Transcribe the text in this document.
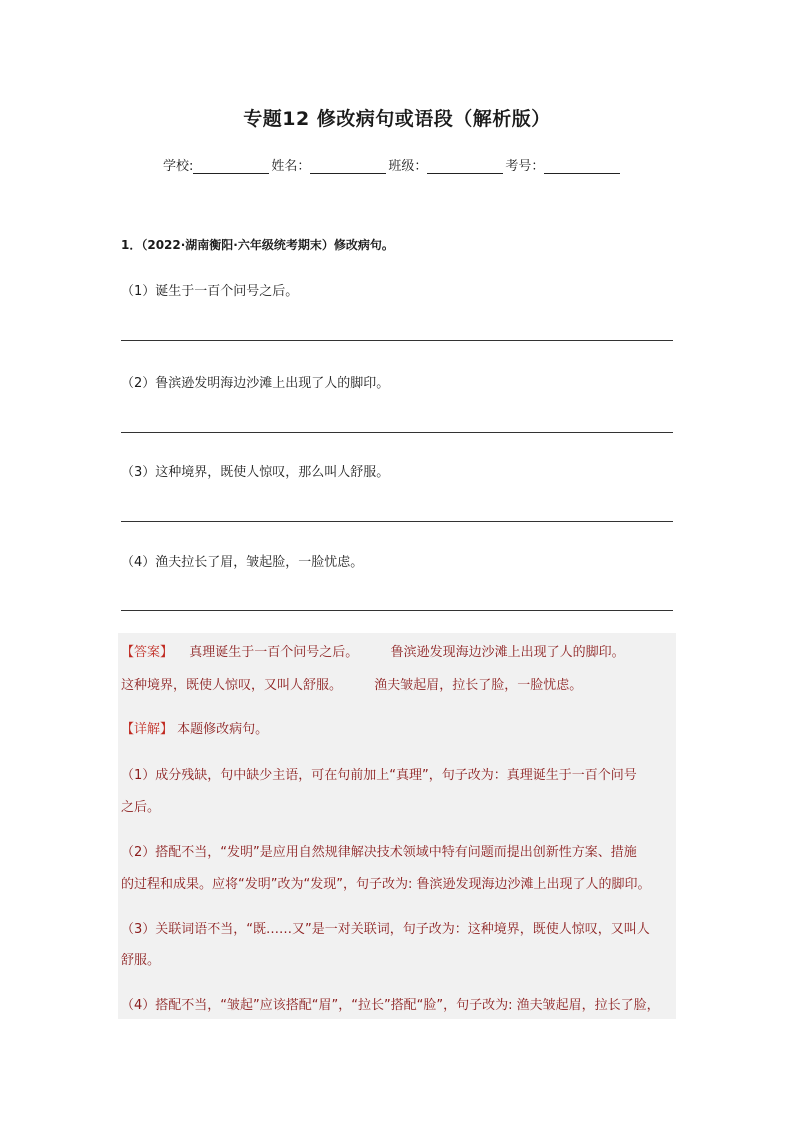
专题12 修改病句或语段（解析版）
学校:	姓名：	班级：	考号：
1．（2022·湖南衡阳·六年级统考期末）修改病句。
（1）诞生于一百个问号之后。
（2）鲁滨逊发明海边沙滩上出现了人的脚印。
（3）这种境界，既使人惊叹，那么叫人舒服。
（4）渔夫拉长了眉，皱起脸，一脸忧虑。
【答案】 真理诞生于一百个问号之后。 鲁滨逊发现海边沙滩上出现了人的脚印。
这种境界，既使人惊叹，又叫人舒服。 渔夫皱起眉，拉长了脸，一脸忧虑。
【详解】 本题修改病句。
（1）成分残缺，句中缺少主语，可在句前加上“真理”，句子改为：真理诞生于一百个问号
之后。
（2）搭配不当，“发明”是应用自然规律解决技术领域中特有问题而提出创新性方案、措施
的过程和成果。应将“发明”改为“发现”，句子改为: 鲁滨逊发现海边沙滩上出现了人的脚印。
（3）关联词语不当，“既……又”是一对关联词，句子改为：这种境界，既使人惊叹，又叫人
舒服。
（4）搭配不当，“皱起”应该搭配“眉”，“拉长”搭配“脸”，句子改为: 渔夫皱起眉，拉长了脸，
